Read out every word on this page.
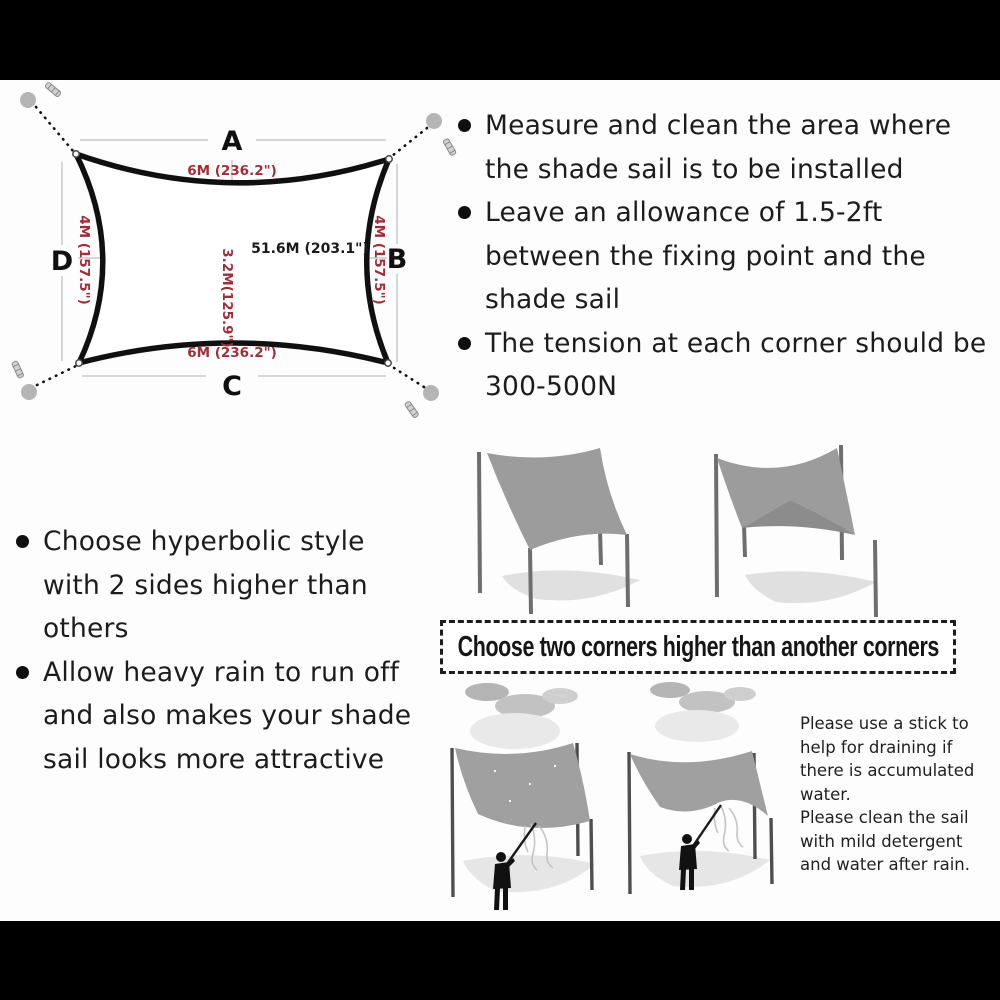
A
B
C
D
6M (236.2")
6M (236.2")
4M (157.5")	4M (157.5")
3.2M(125.9") 51.6M (203.1")
Measure and clean the area where the shade sail is to be installed
Leave an allowance of 1.5-2ft between the fixing point and the shade sail
The tension at each corner should be 300-500N
Choose hyperbolic style with 2 sides higher than others
Allow heavy rain to run off and also makes your shade sail looks more attractive
Choose two corners higher than another corners

Please use a stick to help for draining if there is accumulated water.

Please clean the sail with mild detergent and water after rain.
